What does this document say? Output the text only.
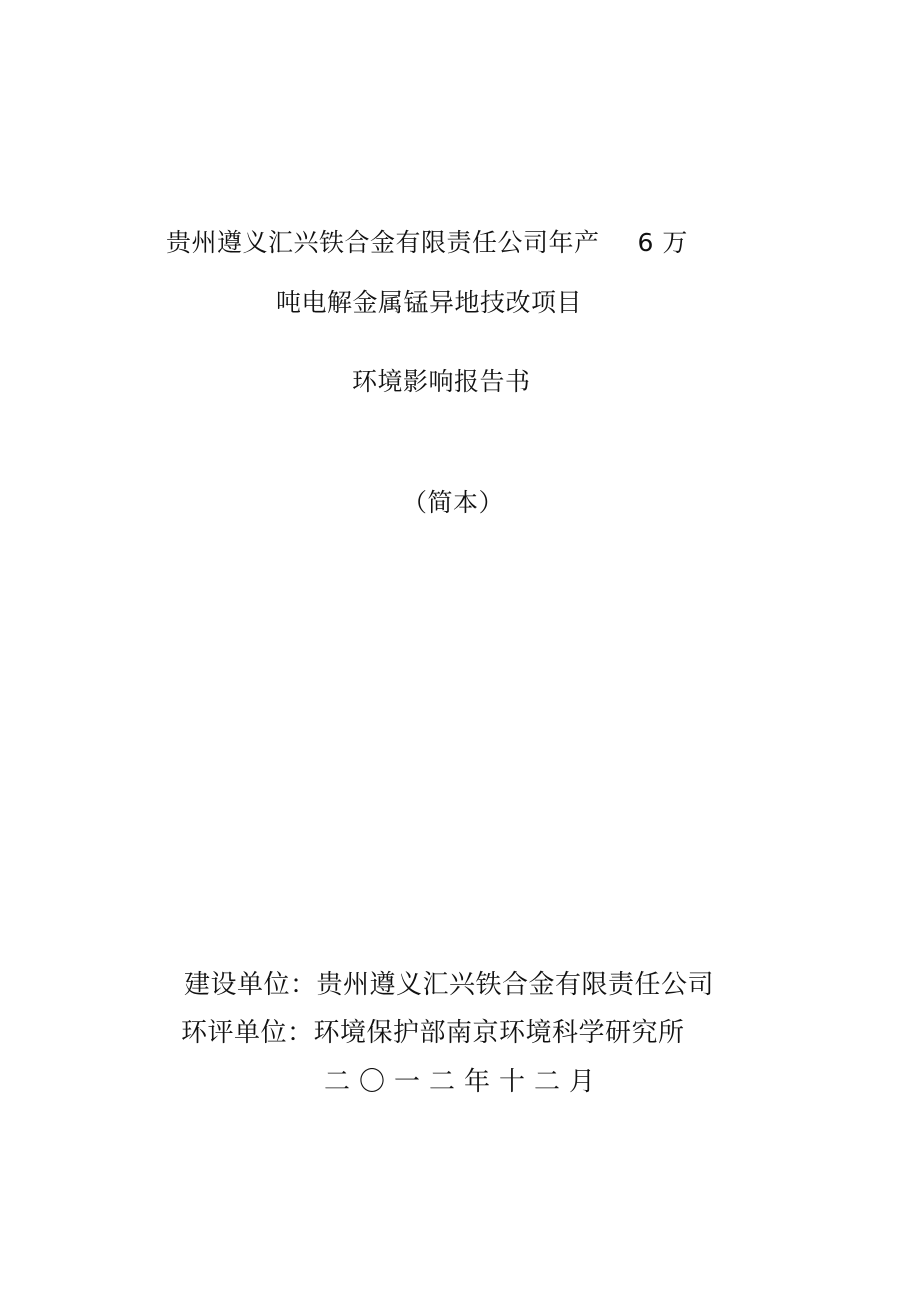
贵州遵义汇兴铁合金有限责任公司年产 6 万
吨电解金属锰异地技改项目
环境影响报告书
（简本）
建设单位：贵州遵义汇兴铁合金有限责任公司
环评单位：环境保护部南京环境科学研究所
二〇一二年十二月
